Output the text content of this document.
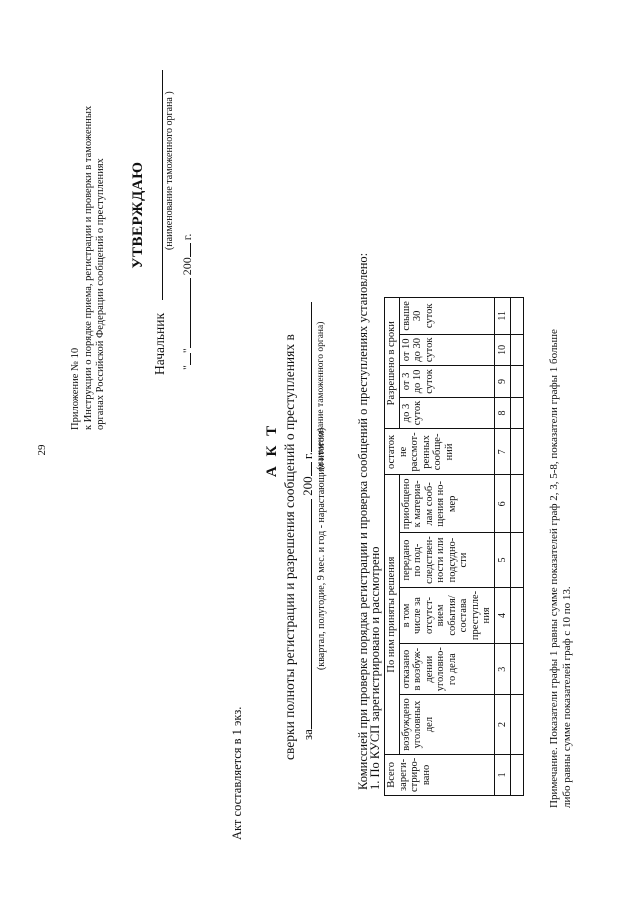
29
Приложение № 10 к Инструкции о порядке приема, регистрации и проверки в таможенных органах Российской Федерации сообщений о преступлениях УТВЕРЖДАЮ
Начальник
(наименование таможенного органа )
"" 200 г.
А К Т сверки полноты регистрации и разрешения сообщений о преступлениях в за 200 г. (квартал, полугодие, 9 мес. и год - нарастающим итогом)
(наименование таможенного органа) Комиссией при проверке порядка регистрации и проверка сообщений о преступлениях установлено:
1. По КУСП зарегистрировано и рассмотрено Всего зарегистрировано	По ним приняты решения					остаток не рассмотренных сообщений	Разрешено в сроки			
	возбуждено уголовных дел	отказано в возбуждении уголовного дела	в том числе за отсутствием события/состава преступления	передано по подследственности или подсудности	приобщено к материалам сообщения номер		до 3 суток	от 3 до 10 суток	от 10 до 30 суток	свыше 30 суток
1	2	3	4	5	6	7	8	9	10	11

Примечание. Показатели графы 1 равны сумме показателей граф 2, 3, 5-8, показатели графы 1 больше либо равны сумме показателей граф с 10 по 13.
Акт составляется в 1 экз.
